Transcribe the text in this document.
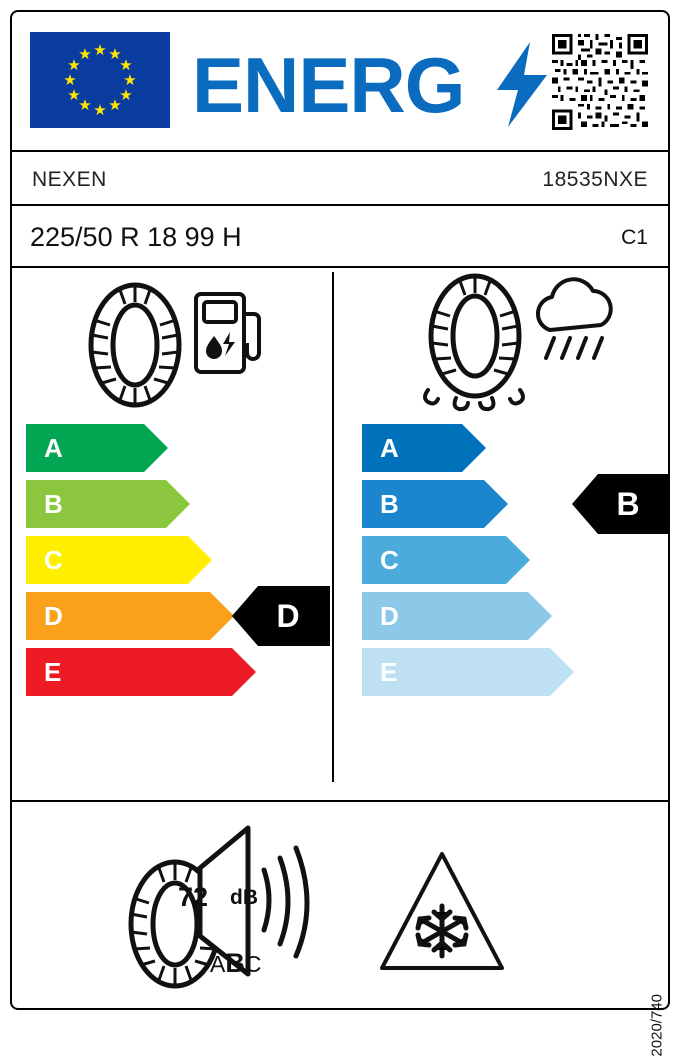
★ ★
★
★
★
★
★
★
★
★
★
★ ENERG
NEXEN	18535NXE
225/50 R 18 99 H	C1
A
B
C
D
E
D
A
B
C
D
E
B
72 dB
ABC
2020/740
